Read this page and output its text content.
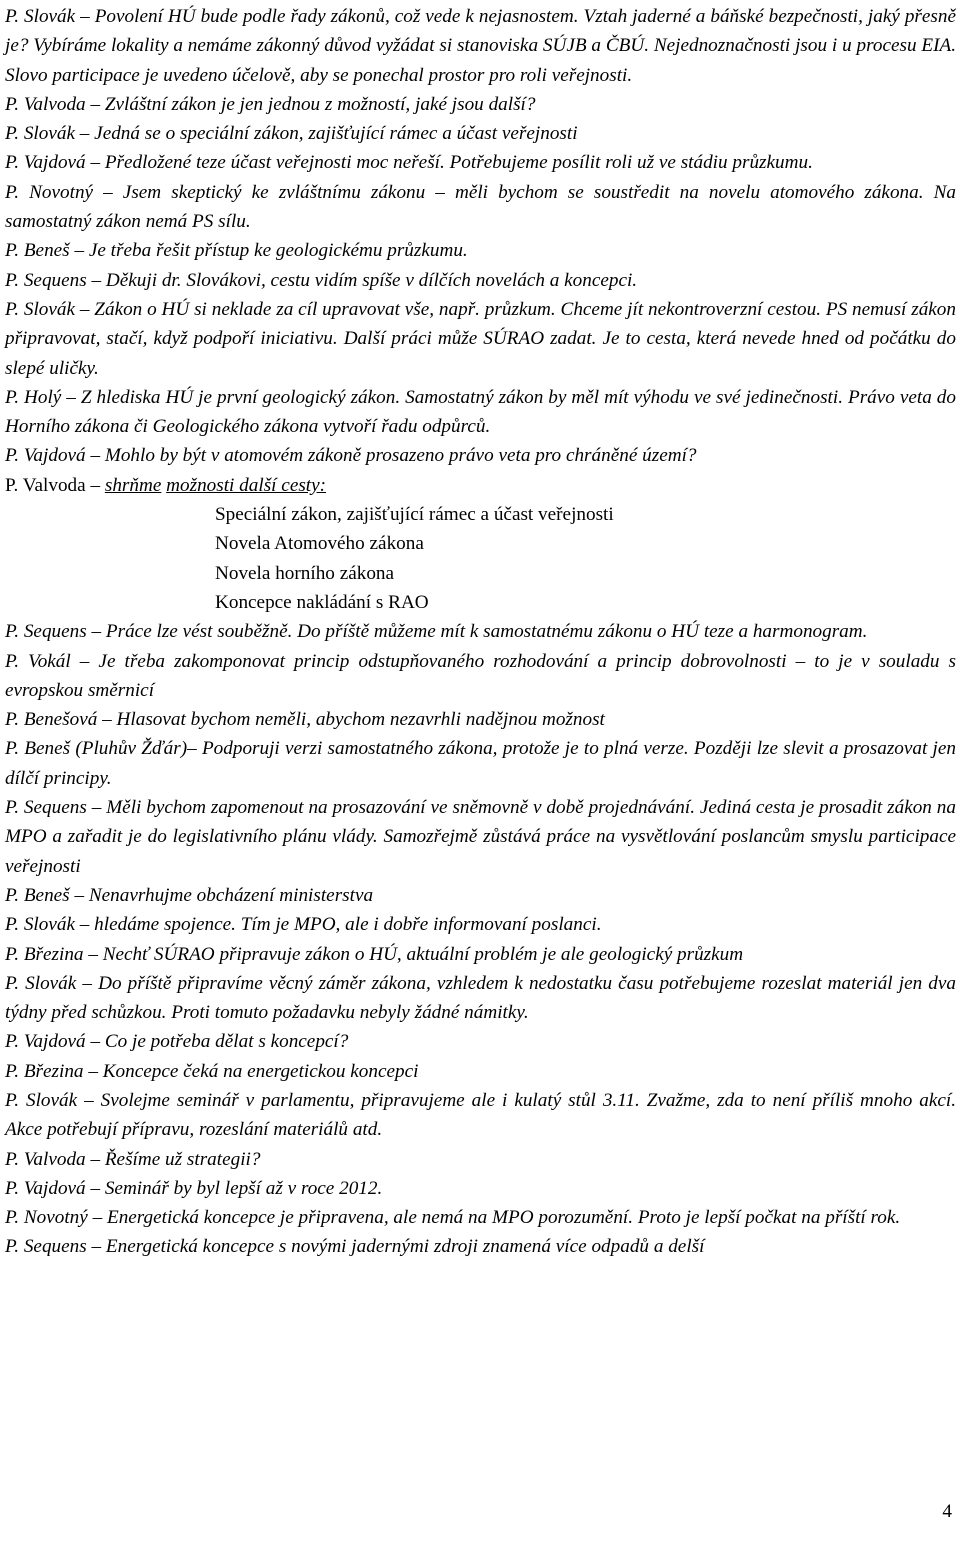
P. Slovák – Povolení HÚ bude podle řady zákonů, což vede k nejasnostem. Vztah jaderné a báňské bezpečnosti, jaký přesně je? Vybíráme lokality a nemáme zákonný důvod vyžádat si stanoviska SÚJB a ČBÚ. Nejednoznačnosti jsou i u procesu EIA. Slovo participace je uvedeno účelově, aby se ponechal prostor pro roli veřejnosti.

P. Valvoda – Zvláštní zákon je jen jednou z možností, jaké jsou další?

P. Slovák – Jedná se o speciální zákon, zajišťující rámec a účast veřejnosti

P. Vajdová – Předložené teze účast veřejnosti moc neřeší. Potřebujeme posílit roli už ve stádiu průzkumu.

P. Novotný – Jsem skeptický ke zvláštnímu zákonu – měli bychom se soustředit na novelu atomového zákona. Na samostatný zákon nemá PS sílu.

P. Beneš – Je třeba řešit přístup ke geologickému průzkumu.

P. Sequens – Děkuji dr. Slovákovi, cestu vidím spíše v dílčích novelách a koncepci.

P. Slovák – Zákon o HÚ si neklade za cíl upravovat vše, např. průzkum. Chceme jít nekontroverzní cestou. PS nemusí zákon připravovat, stačí, když podpoří iniciativu. Další práci může SÚRAO zadat. Je to cesta, která nevede hned od počátku do slepé uličky.

P. Holý – Z hlediska HÚ je první geologický zákon. Samostatný zákon by měl mít výhodu ve své jedinečnosti. Právo veta do Horního zákona či Geologického zákona vytvoří řadu odpůrců.

P. Vajdová – Mohlo by být v atomovém zákoně prosazeno právo veta pro chráněné území?

P. Valvoda – shrňme možnosti další cesty:

Speciální zákon, zajišťující rámec a účast veřejnosti
Novela Atomového zákona
Novela horního zákona
Koncepce nakládání s RAO

P. Sequens – Práce lze vést souběžně. Do příště můžeme mít k samostatnému zákonu o HÚ teze a harmonogram.

P. Vokál – Je třeba zakomponovat princip odstupňovaného rozhodování a princip dobrovolnosti – to je v souladu s evropskou směrnicí

P. Benešová – Hlasovat bychom neměli, abychom nezavrhli nadějnou možnost

P. Beneš (Pluhův Žďár)– Podporuji verzi samostatného zákona, protože je to plná verze. Později lze slevit a prosazovat jen dílčí principy.

P. Sequens – Měli bychom zapomenout na prosazování ve sněmovně v době projednávání. Jediná cesta je prosadit zákon na MPO a zařadit je do legislativního plánu vlády. Samozřejmě zůstává práce na vysvětlování poslancům smyslu participace veřejnosti

P. Beneš – Nenavrhujme obcházení ministerstva

P. Slovák – hledáme spojence. Tím je MPO, ale i dobře informovaní poslanci.

P. Březina – Nechť SÚRAO připravuje zákon o HÚ, aktuální problém je ale geologický průzkum

P. Slovák – Do příště připravíme věcný záměr zákona, vzhledem k nedostatku času potřebujeme rozeslat materiál jen dva týdny před schůzkou. Proti tomuto požadavku nebyly žádné námitky.

P. Vajdová – Co je potřeba dělat s koncepcí?

P. Březina – Koncepce čeká na energetickou koncepci

P. Slovák – Svolejme seminář v parlamentu, připravujeme ale i kulatý stůl 3.11. Zvažme, zda to není příliš mnoho akcí. Akce potřebují přípravu, rozeslání materiálů atd.

P. Valvoda – Řešíme už strategii?

P. Vajdová – Seminář by byl lepší až v roce 2012.

P. Novotný – Energetická koncepce je připravena, ale nemá na MPO porozumění. Proto je lepší počkat na příští rok.

P. Sequens – Energetická koncepce s novými jadernými zdroji znamená více odpadů a delší

4
